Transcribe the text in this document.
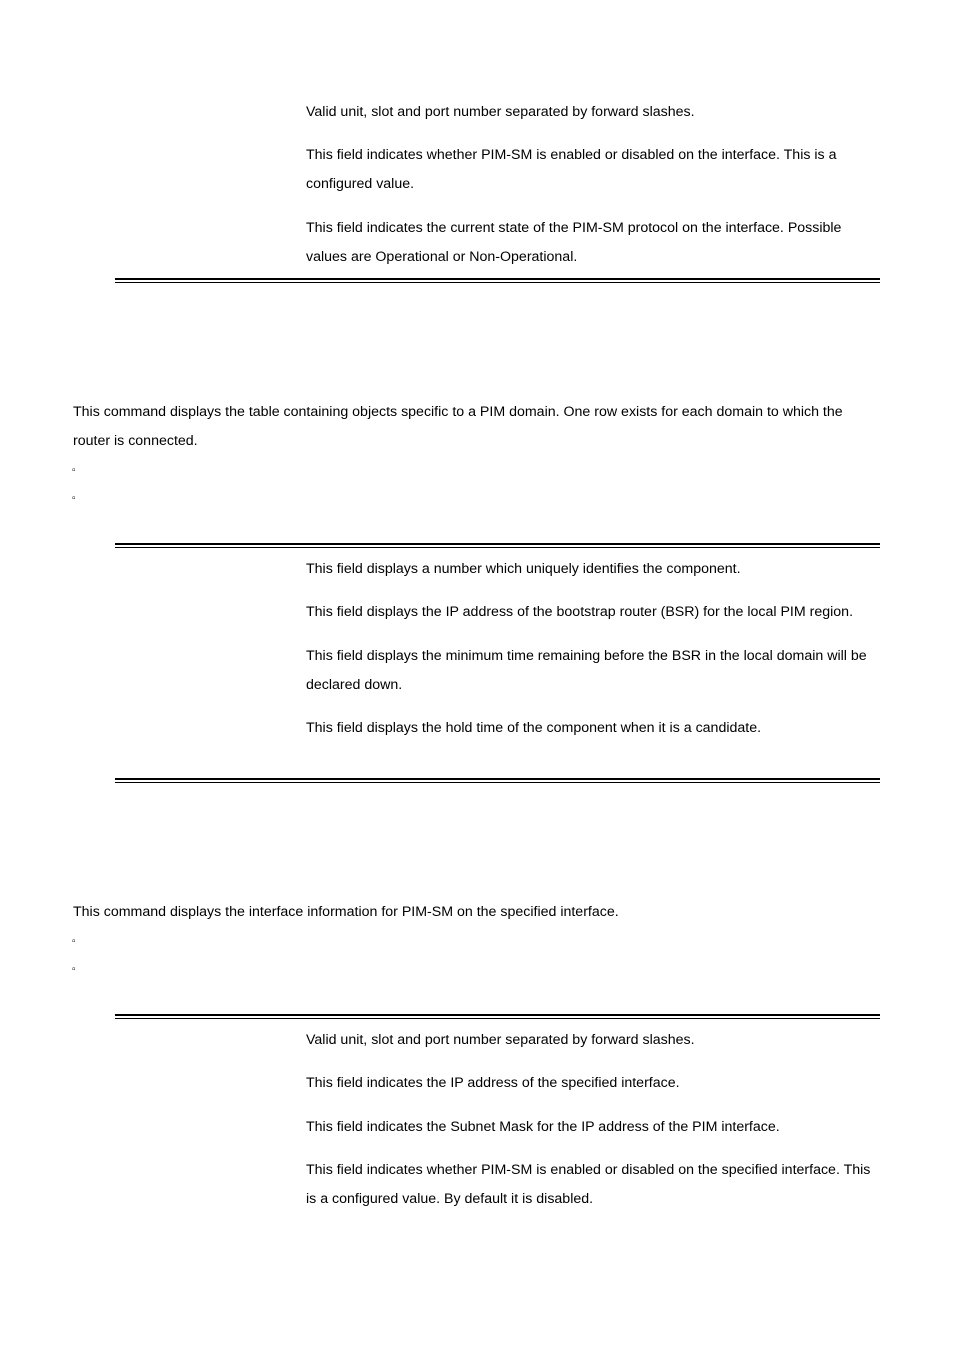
Valid unit, slot and port number separated by forward slashes.

This field indicates whether PIM-SM is enabled or disabled on the interface. This is a configured value.

This field indicates the current state of the PIM-SM protocol on the interface. Possible values are Operational or Non-Operational.

This command displays the table containing objects specific to a PIM domain. One row exists for each domain to which the router is connected.

▫
▫

This field displays a number which uniquely identifies the component.

This field displays the IP address of the bootstrap router (BSR) for the local PIM region.

This field displays the minimum time remaining before the BSR in the local domain will be declared down.

This field displays the hold time of the component when it is a candidate.

This command displays the interface information for PIM-SM on the specified interface.

▫
▫

Valid unit, slot and port number separated by forward slashes.

This field indicates the IP address of the specified interface.

This field indicates the Subnet Mask for the IP address of the PIM interface.

This field indicates whether PIM-SM is enabled or disabled on the specified interface. This is a configured value. By default it is disabled.
